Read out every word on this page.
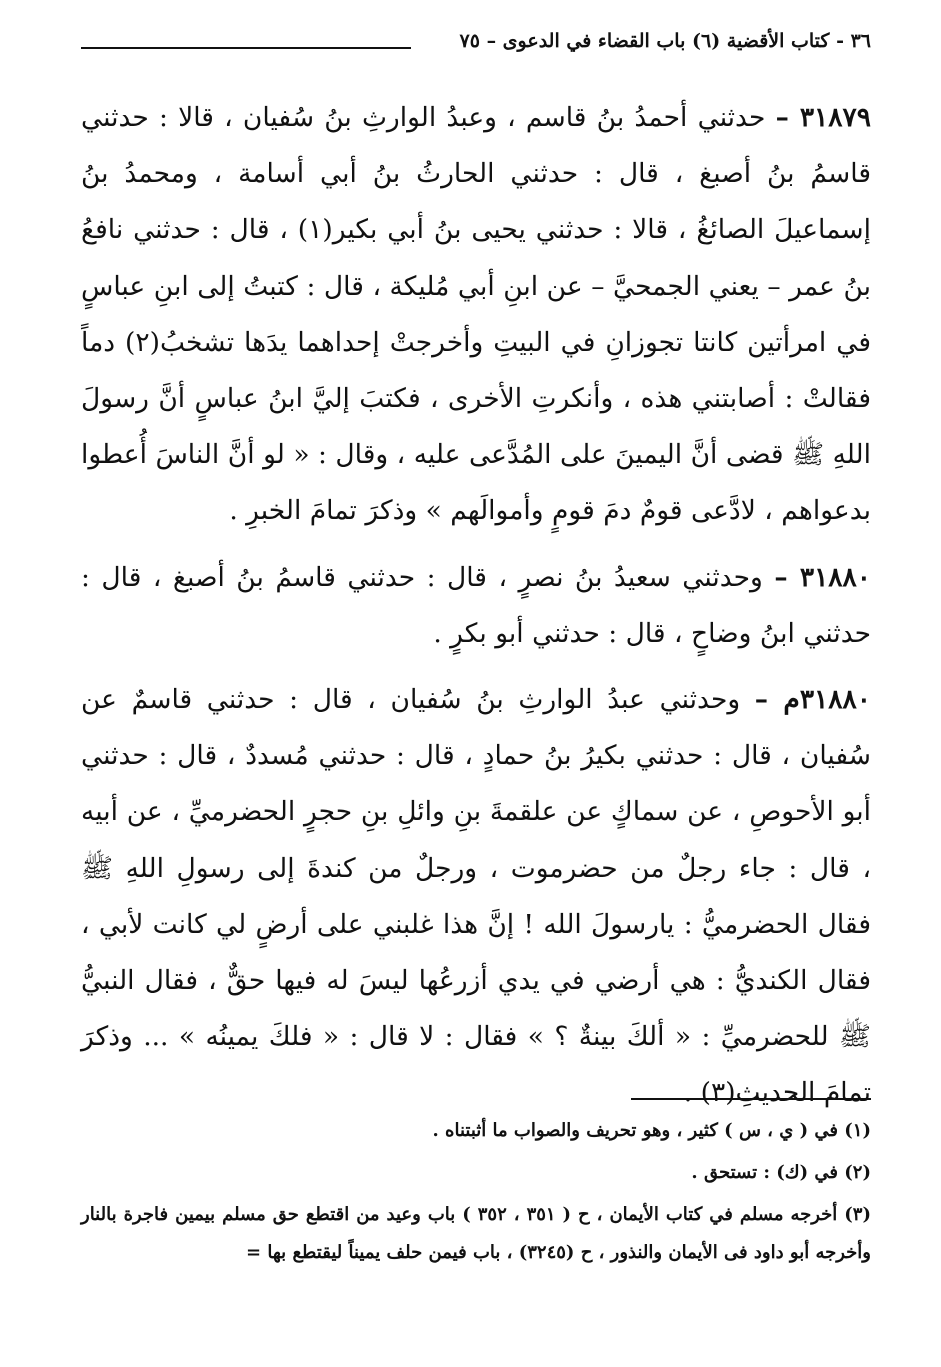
٣٦ - كتاب الأقضية (٦) باب القضاء في الدعوى – ٧٥

٣١٨٧٩ – حدثني أحمدُ بنُ قاسم ، وعبدُ الوارثِ بنُ سُفيان ، قالا : حدثني قاسمُ بنُ أصبغ ، قال : حدثني الحارثُ بنُ أبي أسامة ، ومحمدُ بنُ إسماعيلَ الصائغُ ، قالا : حدثني يحيى بنُ أبي بكير(١) ، قال : حدثني نافعُ بنُ عمر – يعني الجمحيَّ – عن ابنِ أبي مُليكة ، قال : كتبتُ إلى ابنِ عباسٍ في امرأتين كانتا تجوزانِ في البيتِ وأخرجتْ إحداهما يدَها تشخبُ(٢) دماً فقالتْ : أصابتني هذه ، وأنكرتِ الأخرى ، فكتبَ إليَّ ابنُ عباسٍ أنَّ رسولَ اللهِ ﷺ قضى أنَّ اليمينَ على المُدَّعى عليه ، وقال : « لو أنَّ الناسَ أُعطوا بدعواهم ، لادَّعى قومٌ دمَ قومٍ وأموالَهم » وذكرَ تمامَ الخبرِ .

٣١٨٨٠ – وحدثني سعيدُ بنُ نصرٍ ، قال : حدثني قاسمُ بنُ أصبغ ، قال : حدثني ابنُ وضاحٍ ، قال : حدثني أبو بكرٍ .

٣١٨٨٠م – وحدثني عبدُ الوارثِ بنُ سُفيان ، قال : حدثني قاسمٌ عن سُفيان ، قال : حدثني بكيرُ بنُ حمادٍ ، قال : حدثني مُسددٌ ، قال : حدثني أبو الأحوصِ ، عن سماكٍ عن علقمةَ بنِ وائلِ بنِ حجرٍ الحضرميِّ ، عن أبيه ، قال : جاء رجلٌ من حضرموت ، ورجلٌ من كندةَ إلى رسولِ اللهِ ﷺ فقال الحضرميُّ : يارسولَ الله ! إنَّ هذا غلبني على أرضٍ لي كانت لأبي ، فقال الكنديُّ : هي أرضي في يدي أزرعُها ليسَ له فيها حقٌّ ، فقال النبيُّ ﷺ للحضرميِّ : « ألكَ بينةٌ ؟ » فقال : لا قال : « فلكَ يمينُه » ... وذكرَ تمامَ الحديثِ(٣) .

(١) في ( ي ، س ) كثير ، وهو تحريف والصواب ما أثبتناه .

(٢) في (ك) : تستحق .

(٣) أخرجه مسلم في كتاب الأيمان ، ح ( ٣٥١ ، ٣٥٢ ) باب وعيد من اقتطع حق مسلم بيمين فاجرة بالنار وأخرجه أبو داود فى الأيمان والنذور ، ح (٣٢٤٥) ، باب فيمن حلف يميناً ليقتطع بها =
